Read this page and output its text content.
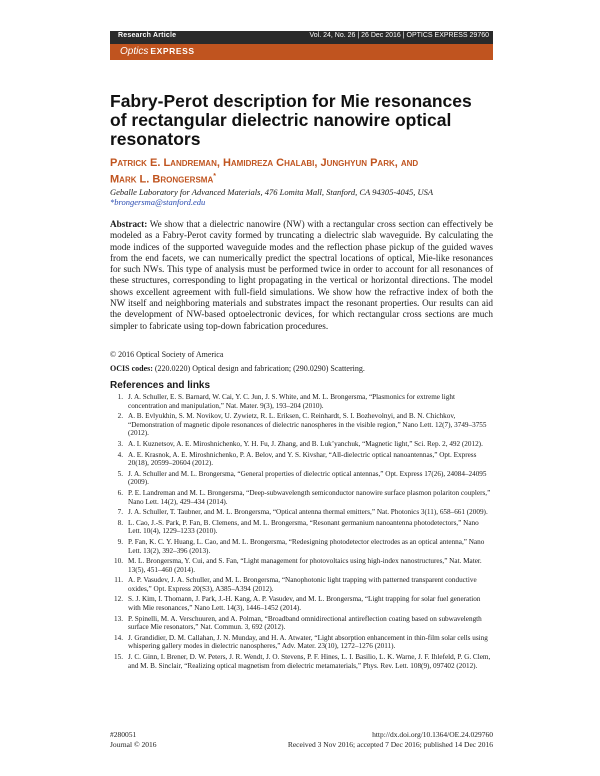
Research Article	Vol. 24, No. 26 | 26 Dec 2016 | OPTICS EXPRESS 29760
Optics EXPRESS
Fabry-Perot description for Mie resonances of rectangular dielectric nanowire optical resonators
Patrick E. Landreman, Hamidreza Chalabi, Junghyun Park, and
Mark L. Brongersma*
Geballe Laboratory for Advanced Materials, 476 Lomita Mall, Stanford, CA 94305-4045, USA
*brongersma@stanford.edu
Abstract: We show that a dielectric nanowire (NW) with a rectangular cross section can effectively be modeled as a Fabry-Perot cavity formed by truncating a dielectric slab waveguide. By calculating the mode indices of the supported waveguide modes and the reflection phase pickup of the guided waves from the end facets, we can numerically predict the spectral locations of optical, Mie-like resonances for such NWs. This type of analysis must be performed twice in order to account for all resonances of these structures, corresponding to light propagating in the vertical or horizontal directions. The model shows excellent agreement with full-field simulations. We show how the refractive index of both the NW itself and neighboring materials and substrates impact the resonant properties. Our results can aid the development of NW-based optoelectronic devices, for which rectangular cross sections are much simpler to fabricate using top-down fabrication procedures.
© 2016 Optical Society of America
OCIS codes: (220.0220) Optical design and fabrication; (290.0290) Scattering.
References and links
1. J. A. Schuller, E. S. Barnard, W. Cai, Y. C. Jun, J. S. White, and M. L. Brongersma, “Plasmonics for extreme light concentration and manipulation,” Nat. Mater. 9(3), 193–204 (2010).
2. A. B. Evlyukhin, S. M. Novikov, U. Zywietz, R. L. Eriksen, C. Reinhardt, S. I. Bozhevolnyi, and B. N. Chichkov, “Demonstration of magnetic dipole resonances of dielectric nanospheres in the visible region,” Nano Lett. 12(7), 3749–3755 (2012).
3. A. I. Kuznetsov, A. E. Miroshnichenko, Y. H. Fu, J. Zhang, and B. Luk’yanchuk, “Magnetic light,” Sci. Rep. 2, 492 (2012).
4. A. E. Krasnok, A. E. Miroshnichenko, P. A. Belov, and Y. S. Kivshar, “All-dielectric optical nanoantennas,” Opt. Express 20(18), 20599–20604 (2012).
5. J. A. Schuller and M. L. Brongersma, “General properties of dielectric optical antennas,” Opt. Express 17(26), 24084–24095 (2009).
6. P. E. Landreman and M. L. Brongersma, “Deep-subwavelength semiconductor nanowire surface plasmon polariton couplers,” Nano Lett. 14(2), 429–434 (2014).
7. J. A. Schuller, T. Taubner, and M. L. Brongersma, “Optical antenna thermal emitters,” Nat. Photonics 3(11), 658–661 (2009).
8. L. Cao, J.-S. Park, P. Fan, B. Clemens, and M. L. Brongersma, “Resonant germanium nanoantenna photodetectors,” Nano Lett. 10(4), 1229–1233 (2010).
9. P. Fan, K. C. Y. Huang, L. Cao, and M. L. Brongersma, “Redesigning photodetector electrodes as an optical antenna,” Nano Lett. 13(2), 392–396 (2013).
10. M. L. Brongersma, Y. Cui, and S. Fan, “Light management for photovoltaics using high-index nanostructures,” Nat. Mater. 13(5), 451–460 (2014).
11. A. P. Vasudev, J. A. Schuller, and M. L. Brongersma, “Nanophotonic light trapping with patterned transparent conductive oxides,” Opt. Express 20(S3), A385–A394 (2012).
12. S. J. Kim, I. Thomann, J. Park, J.-H. Kang, A. P. Vasudev, and M. L. Brongersma, “Light trapping for solar fuel generation with Mie resonances,” Nano Lett. 14(3), 1446–1452 (2014).
13. P. Spinelli, M. A. Verschuuren, and A. Polman, “Broadband omnidirectional antireflection coating based on subwavelength surface Mie resonators,” Nat. Commun. 3, 692 (2012).
14. J. Grandidier, D. M. Callahan, J. N. Munday, and H. A. Atwater, “Light absorption enhancement in thin-film solar cells using whispering gallery modes in dielectric nanospheres,” Adv. Mater. 23(10), 1272–1276 (2011).
15. J. C. Ginn, I. Brener, D. W. Peters, J. R. Wendt, J. O. Stevens, P. F. Hines, L. I. Basilio, L. K. Warne, J. F. Ihlefeld, P. G. Clem, and M. B. Sinclair, “Realizing optical magnetism from dielectric metamaterials,” Phys. Rev. Lett. 108(9), 097402 (2012).
#280051
Journal © 2016
http://dx.doi.org/10.1364/OE.24.029760
Received 3 Nov 2016; accepted 7 Dec 2016; published 14 Dec 2016
